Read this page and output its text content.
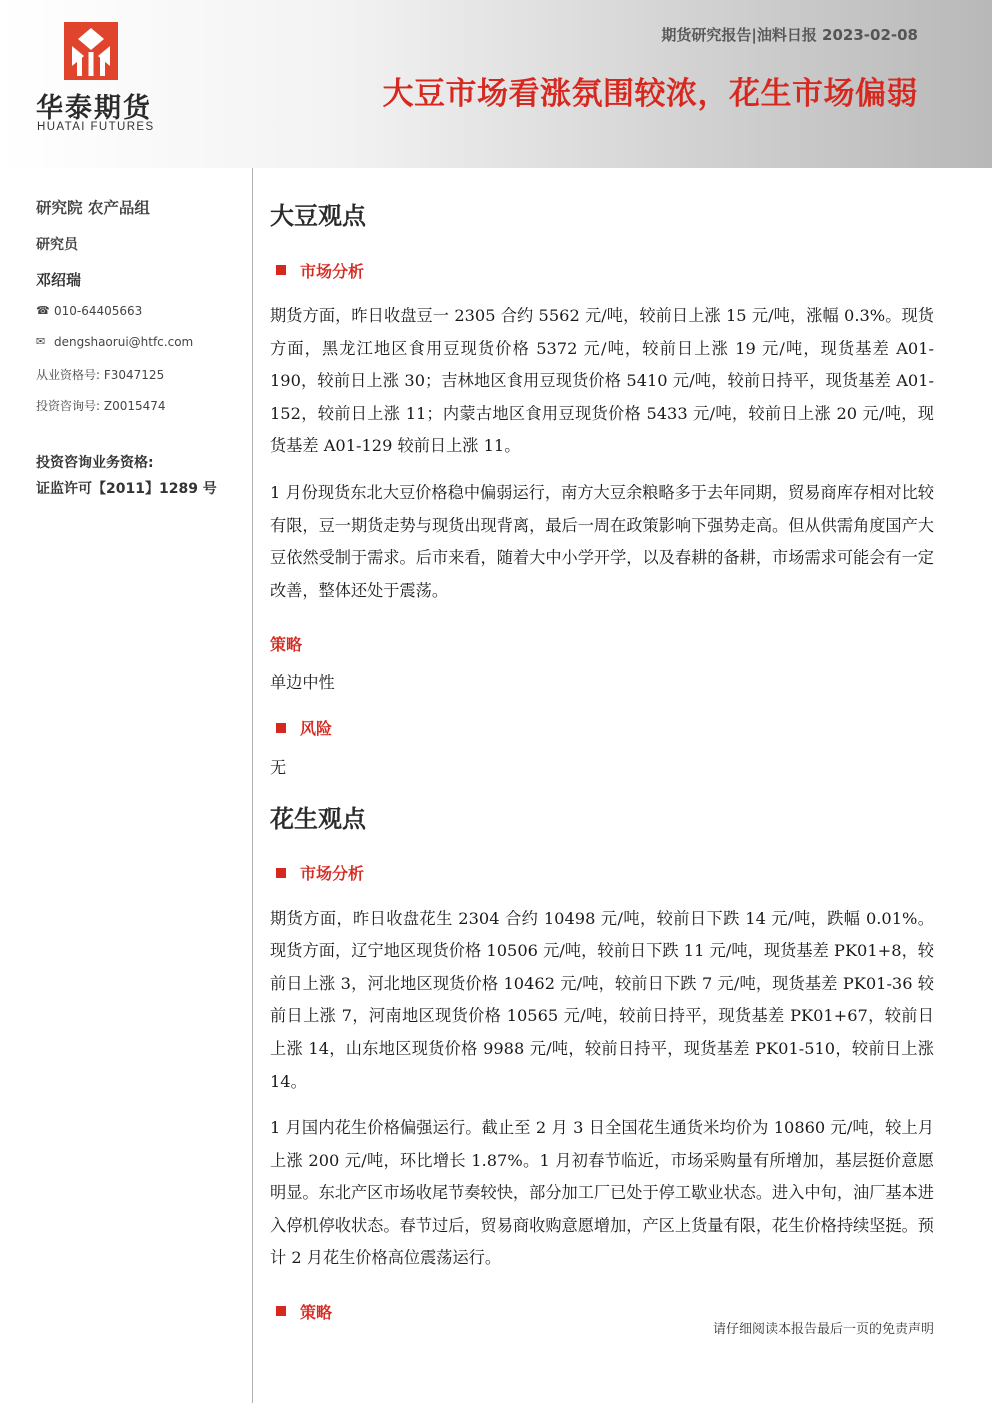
华泰期货
HUATAI FUTURES
期货研究报告|油料日报 2023-02-08
大豆市场看涨氛围较浓，花生市场偏弱
研究院 农产品组
研究员
邓绍瑞
☎ 010-64405663
✉ dengshaorui@htfc.com
从业资格号: F3047125
投资咨询号: Z0015474
投资咨询业务资格:
证监许可【2011】1289 号
大豆观点
市场分析

期货方面，昨日收盘豆一 2305 合约 5562 元/吨，较前日上涨 15 元/吨，涨幅 0.3%。现货方面，黑龙江地区食用豆现货价格 5372 元/吨，较前日上涨 19 元/吨，现货基差 A01-190，较前日上涨 30；吉林地区食用豆现货价格 5410 元/吨，较前日持平，现货基差 A01-152，较前日上涨 11；内蒙古地区食用豆现货价格 5433 元/吨，较前日上涨 20 元/吨，现货基差 A01-129 较前日上涨 11。

1 月份现货东北大豆价格稳中偏弱运行，南方大豆余粮略多于去年同期，贸易商库存相对比较有限，豆一期货走势与现货出现背离，最后一周在政策影响下强势走高。但从供需角度国产大豆依然受制于需求。后市来看，随着大中小学开学，以及春耕的备耕，市场需求可能会有一定改善，整体还处于震荡。

策略
单边中性
风险
无
花生观点
市场分析

期货方面，昨日收盘花生 2304 合约 10498 元/吨，较前日下跌 14 元/吨，跌幅 0.01%。现货方面，辽宁地区现货价格 10506 元/吨，较前日下跌 11 元/吨，现货基差 PK01+8，较前日上涨 3，河北地区现货价格 10462 元/吨，较前日下跌 7 元/吨，现货基差 PK01-36 较前日上涨 7，河南地区现货价格 10565 元/吨，较前日持平，现货基差 PK01+67，较前日上涨 14，山东地区现货价格 9988 元/吨，较前日持平，现货基差 PK01-510，较前日上涨 14。

1 月国内花生价格偏强运行。截止至 2 月 3 日全国花生通货米均价为 10860 元/吨，较上月上涨 200 元/吨，环比增长 1.87%。1 月初春节临近，市场采购量有所增加，基层挺价意愿明显。东北产区市场收尾节奏较快，部分加工厂已处于停工歇业状态。进入中旬，油厂基本进入停机停收状态。春节过后，贸易商收购意愿增加，产区上货量有限，花生价格持续坚挺。预计 2 月花生价格高位震荡运行。

策略
请仔细阅读本报告最后一页的免责声明
